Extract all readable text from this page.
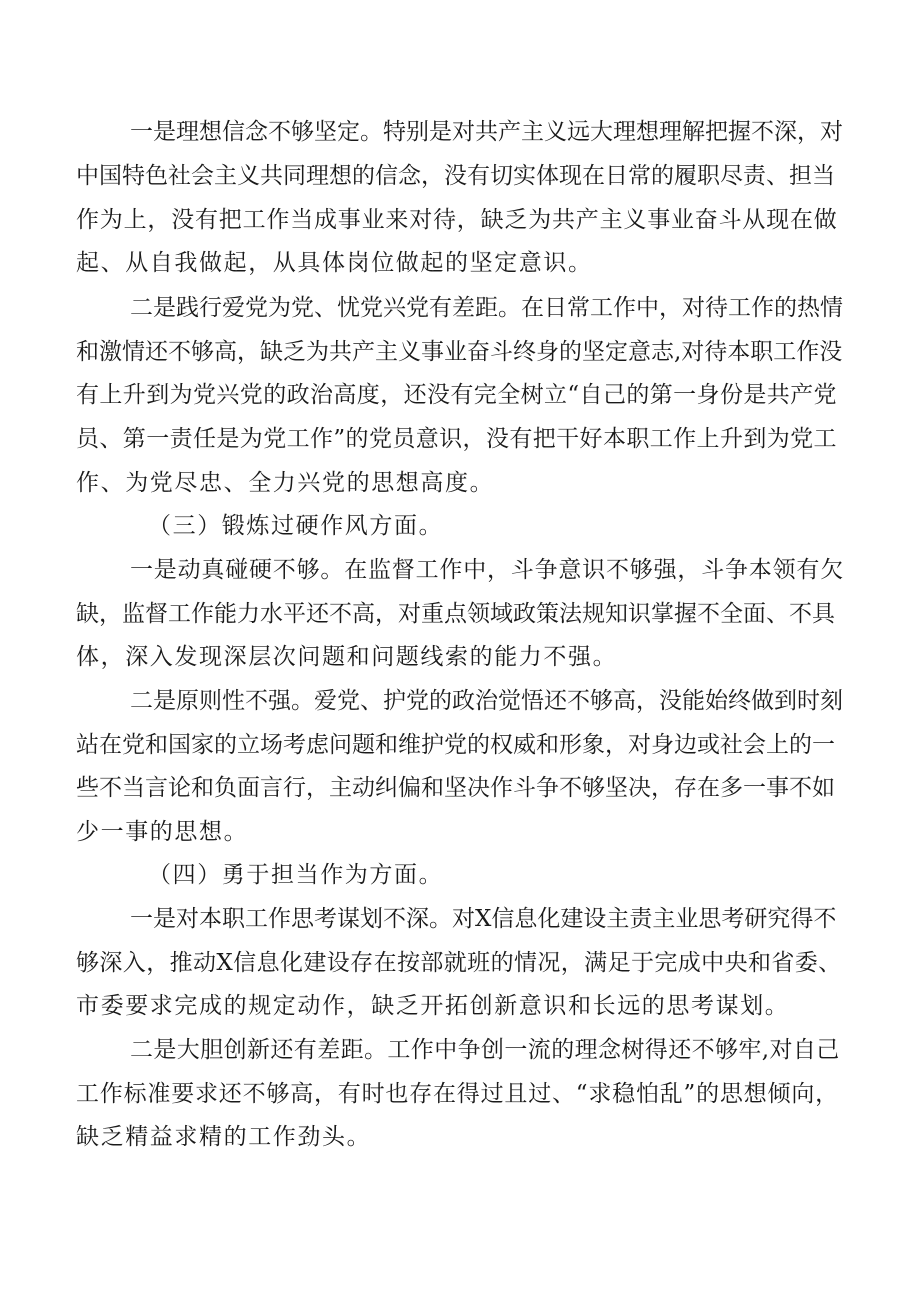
一是理想信念不够坚定。特别是对共产主义远大理想理解把握不深，对
中国特色社会主义共同理想的信念，没有切实体现在日常的履职尽责、担当
作为上，没有把工作当成事业来对待，缺乏为共产主义事业奋斗从现在做
起、从自我做起，从具体岗位做起的坚定意识。
二是践行爱党为党、忧党兴党有差距。在日常工作中，对待工作的热情
和激情还不够高，缺乏为共产主义事业奋斗终身的坚定意志,对待本职工作没
有上升到为党兴党的政治高度，还没有完全树立“自己的第一身份是共产党
员、第一责任是为党工作”的党员意识，没有把干好本职工作上升到为党工
作、为党尽忠、全力兴党的思想高度。
（三）锻炼过硬作风方面。
一是动真碰硬不够。在监督工作中，斗争意识不够强，斗争本领有欠
缺，监督工作能力水平还不高，对重点领域政策法规知识掌握不全面、不具
体，深入发现深层次问题和问题线索的能力不强。
二是原则性不强。爱党、护党的政治觉悟还不够高，没能始终做到时刻
站在党和国家的立场考虑问题和维护党的权威和形象，对身边或社会上的一
些不当言论和负面言行，主动纠偏和坚决作斗争不够坚决，存在多一事不如
少一事的思想。
（四）勇于担当作为方面。
一是对本职工作思考谋划不深。对X信息化建设主责主业思考研究得不
够深入，推动X信息化建设存在按部就班的情况，满足于完成中央和省委、
市委要求完成的规定动作，缺乏开拓创新意识和长远的思考谋划。
二是大胆创新还有差距。工作中争创一流的理念树得还不够牢,对自己
工作标准要求还不够高，有时也存在得过且过、“求稳怕乱”的思想倾向，
缺乏精益求精的工作劲头。
